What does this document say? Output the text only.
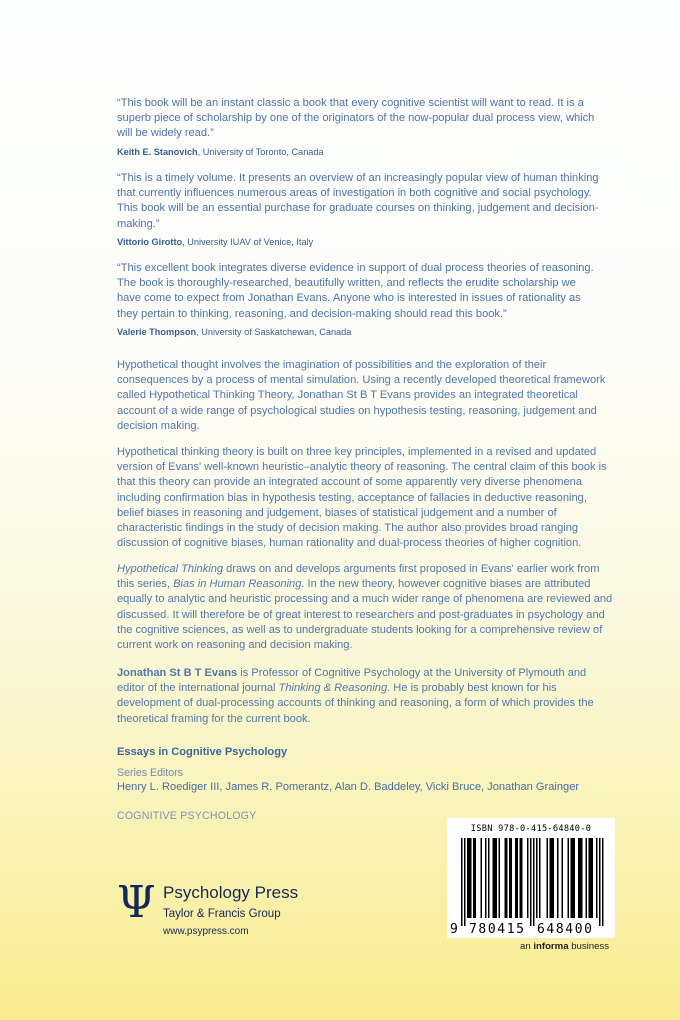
“This book will be an instant classic a book that every cognitive scientist will want to read. It is a superb piece of scholarship by one of the originators of the now-popular dual process view, which will be widely read.”

Keith E. Stanovich, University of Toronto, Canada

“This is a timely volume. It presents an overview of an increasingly popular view of human thinking that currently influences numerous areas of investigation in both cognitive and social psychology. This book will be an essential purchase for graduate courses on thinking, judgement and decision-making.”

Vittorio Girotto, University IUAV of Venice, Italy

“This excellent book integrates diverse evidence in support of dual process theories of reasoning. The book is thoroughly-researched, beautifully written, and reflects the erudite scholarship we have come to expect from Jonathan Evans. Anyone who is interested in issues of rationality as they pertain to thinking, reasoning, and decision-making should read this book.”

Valerie Thompson, University of Saskatchewan, Canada

Hypothetical thought involves the imagination of possibilities and the exploration of their consequences by a process of mental simulation. Using a recently developed theoretical framework called Hypothetical Thinking Theory, Jonathan St B T Evans provides an integrated theoretical account of a wide range of psychological studies on hypothesis testing, reasoning, judgement and decision making.

Hypothetical thinking theory is built on three key principles, implemented in a revised and updated version of Evans' well-known heuristic–analytic theory of reasoning. The central claim of this book is that this theory can provide an integrated account of some apparently very diverse phenomena including confirmation bias in hypothesis testing, acceptance of fallacies in deductive reasoning, belief biases in reasoning and judgement, biases of statistical judgement and a number of characteristic findings in the study of decision making. The author also provides broad ranging discussion of cognitive biases, human rationality and dual-process theories of higher cognition.

Hypothetical Thinking draws on and develops arguments first proposed in Evans' earlier work from this series, Bias in Human Reasoning. In the new theory, however cognitive biases are attributed equally to analytic and heuristic processing and a much wider range of phenomena are reviewed and discussed. It will therefore be of great interest to researchers and post-graduates in psychology and the cognitive sciences, as well as to undergraduate students looking for a comprehensive review of current work on reasoning and decision making.

Jonathan St B T Evans is Professor of Cognitive Psychology at the University of Plymouth and editor of the international journal Thinking & Reasoning. He is probably best known for his development of dual-processing accounts of thinking and reasoning, a form of which provides the theoretical framing for the current book.

Essays in Cognitive Psychology
Series Editors
Henry L. Roediger III, James R. Pomerantz, Alan D. Baddeley, Vicki Bruce, Jonathan Grainger
COGNITIVE PSYCHOLOGY
Ψ Psychology Press
Taylor & Francis Group
www.psypress.com
ISBN 978-0-415-64840-0
9 780415 648400
an informa business
